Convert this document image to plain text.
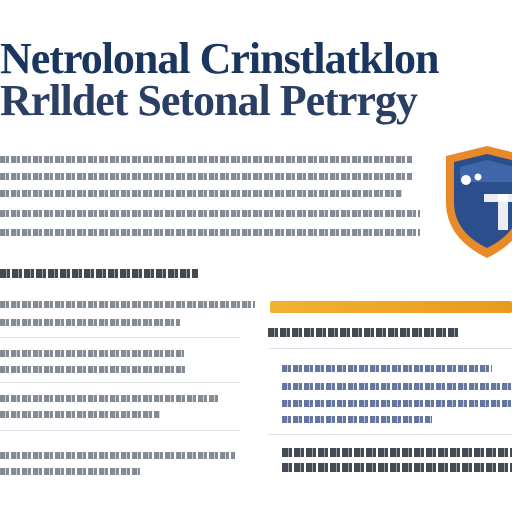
Netrolonal Crinstlatklon
Rrlldet Setonal Petrrgy
